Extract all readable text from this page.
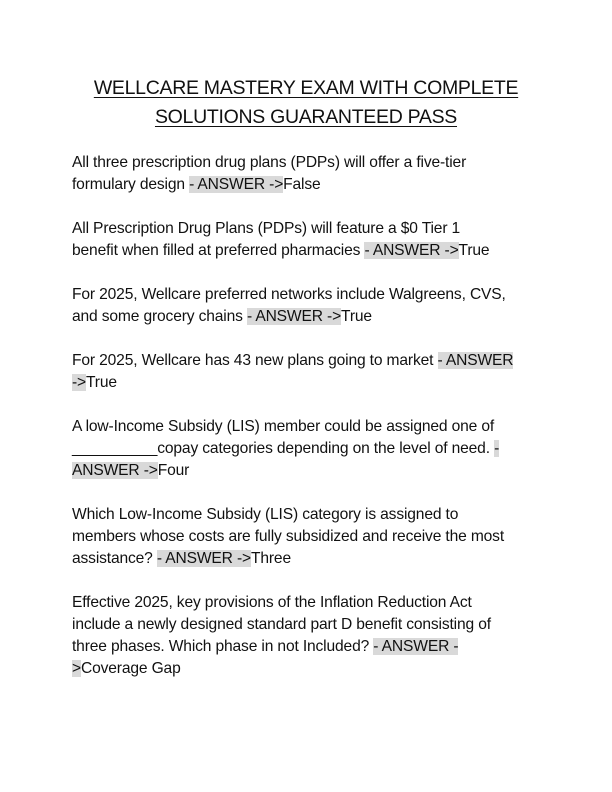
WELLCARE MASTERY EXAM WITH COMPLETE
SOLUTIONS GUARANTEED PASS
All three prescription drug plans (PDPs) will offer a five-tier
formulary design - ANSWER ->False
All Prescription Drug Plans (PDPs) will feature a $0 Tier 1
benefit when filled at preferred pharmacies - ANSWER ->True
For 2025, Wellcare preferred networks include Walgreens, CVS,
and some grocery chains - ANSWER ->True
For 2025, Wellcare has 43 new plans going to market - ANSWER
->True
A low-Income Subsidy (LIS) member could be assigned one of
__________copay categories depending on the level of need. -
ANSWER ->Four
Which Low-Income Subsidy (LIS) category is assigned to
members whose costs are fully subsidized and receive the most
assistance? - ANSWER ->Three
Effective 2025, key provisions of the Inflation Reduction Act
include a newly designed standard part D benefit consisting of
three phases. Which phase in not Included? - ANSWER -
>Coverage Gap
